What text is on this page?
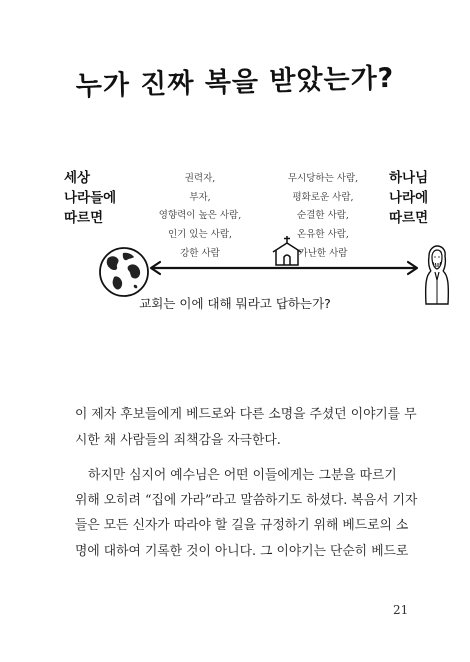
누가 진짜 복을 받았는가?
세상
나라들에
따르면
권력자,
부자,
영향력이 높은 사람,
인기 있는 사람,
강한 사람
무시당하는 사람,
평화로운 사람,
순결한 사람,
온유한 사람,
가난한 사람
하나님
나라에
따르면
교회는 이에 대해 뭐라고 답하는가?
이 제자 후보들에게 베드로와 다른 소명을 주셨던 이야기를 무
시한 채 사람들의 죄책감을 자극한다.
하지만 심지어 예수님은 어떤 이들에게는 그분을 따르기
위해 오히려 “집에 가라”라고 말씀하기도 하셨다. 복음서 기자
들은 모든 신자가 따라야 할 길을 규정하기 위해 베드로의 소
명에 대하여 기록한 것이 아니다. 그 이야기는 단순히 베드로
21
